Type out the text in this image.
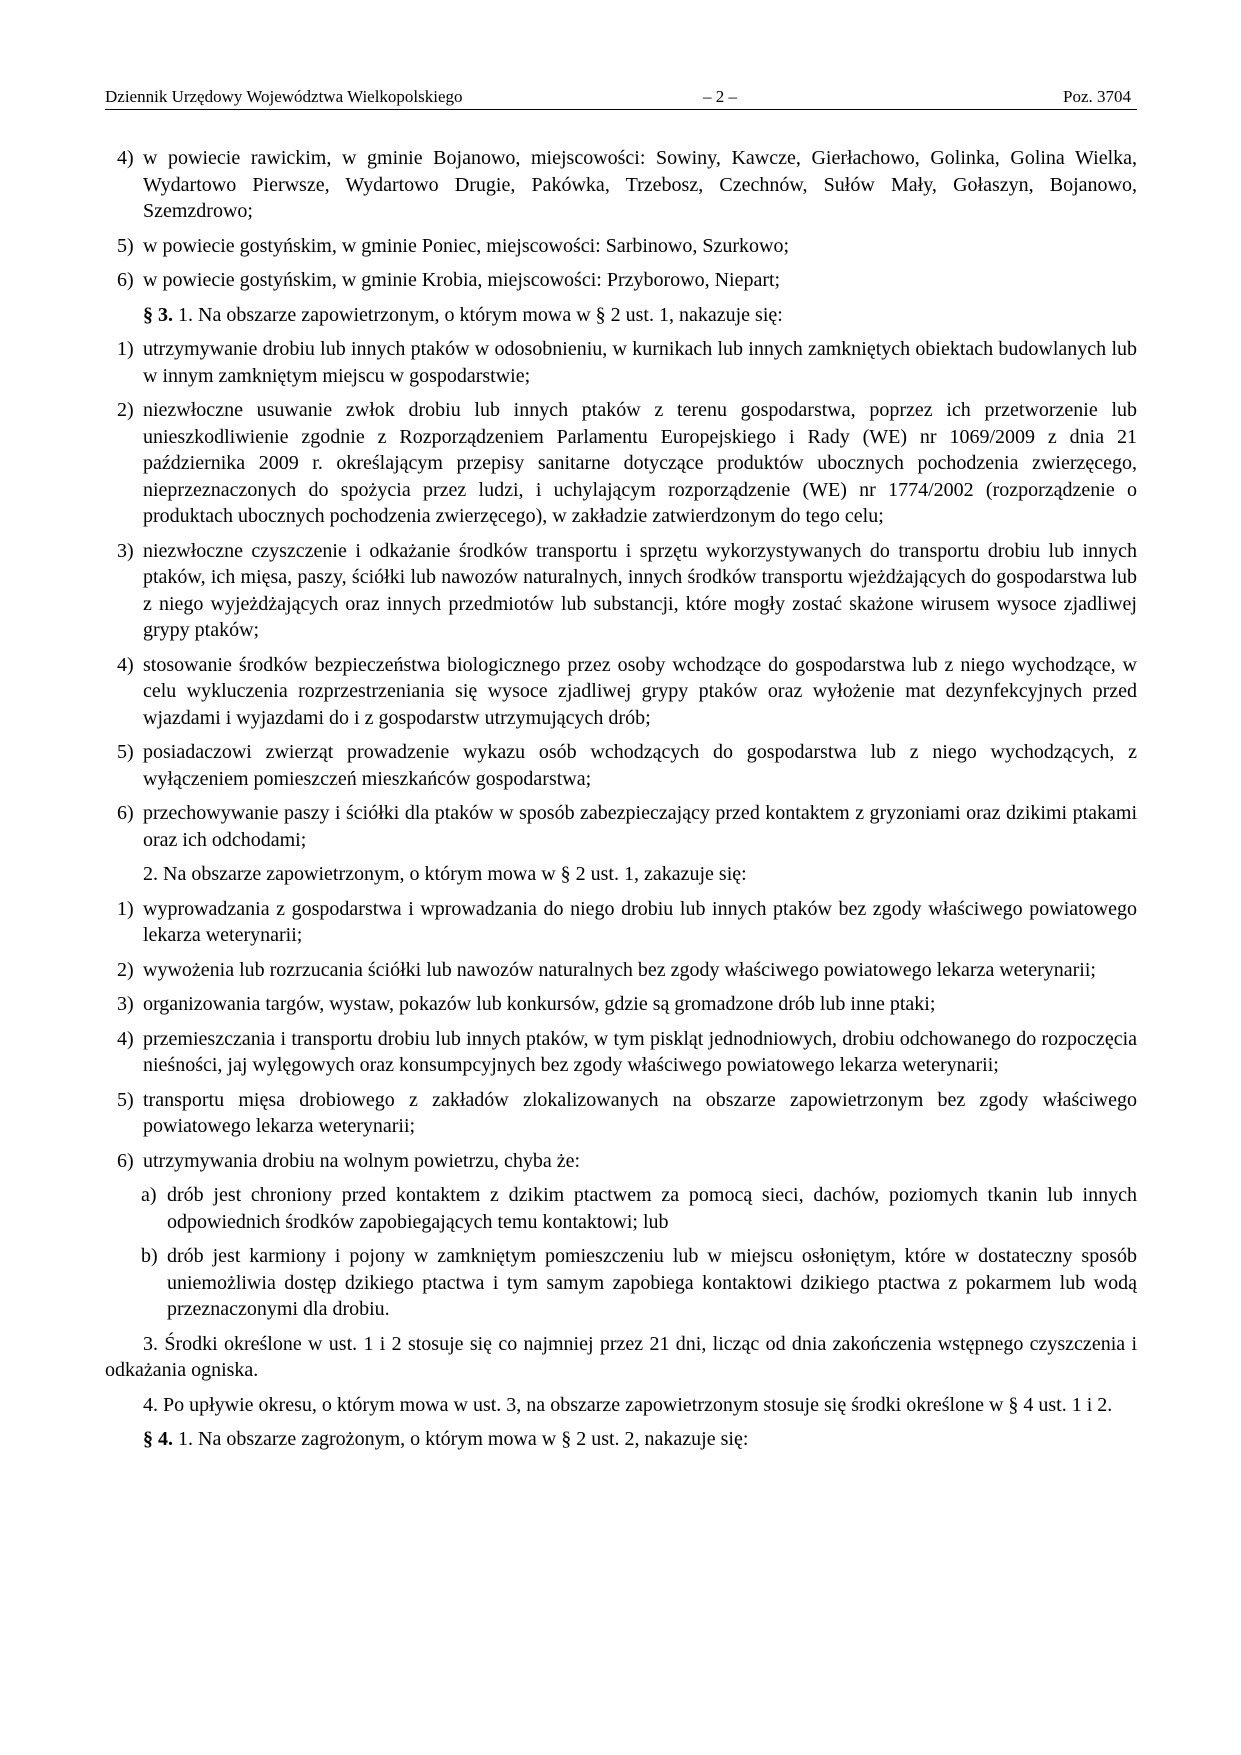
Dziennik Urzędowy Województwa Wielkopolskiego	– 2 –	Poz. 3704
4) w powiecie rawickim, w gminie Bojanowo, miejscowości: Sowiny, Kawcze, Gierłachowo, Golinka, Golina Wielka, Wydartowo Pierwsze, Wydartowo Drugie, Pakówka, Trzebosz, Czechnów, Sułów Mały, Gołaszyn, Bojanowo, Szemzdrowo;
5) w powiecie gostyńskim, w gminie Poniec, miejscowości: Sarbinowo, Szurkowo;
6) w powiecie gostyńskim, w gminie Krobia, miejscowości: Przyborowo, Niepart;
§ 3. 1. Na obszarze zapowietrzonym, o którym mowa w § 2 ust. 1, nakazuje się:
1) utrzymywanie drobiu lub innych ptaków w odosobnieniu, w kurnikach lub innych zamkniętych obiektach budowlanych lub w innym zamkniętym miejscu w gospodarstwie;
2) niezwłoczne usuwanie zwłok drobiu lub innych ptaków z terenu gospodarstwa, poprzez ich przetworzenie lub unieszkodliwienie zgodnie z Rozporządzeniem Parlamentu Europejskiego i Rady (WE) nr 1069/2009 z dnia 21 października 2009 r. określającym przepisy sanitarne dotyczące produktów ubocznych pochodzenia zwierzęcego, nieprzeznaczonych do spożycia przez ludzi, i uchylającym rozporządzenie (WE) nr 1774/2002 (rozporządzenie o produktach ubocznych pochodzenia zwierzęcego), w zakładzie zatwierdzonym do tego celu;
3) niezwłoczne czyszczenie i odkażanie środków transportu i sprzętu wykorzystywanych do transportu drobiu lub innych ptaków, ich mięsa, paszy, ściółki lub nawozów naturalnych, innych środków transportu wjeżdżających do gospodarstwa lub z niego wyjeżdżających oraz innych przedmiotów lub substancji, które mogły zostać skażone wirusem wysoce zjadliwej grypy ptaków;
4) stosowanie środków bezpieczeństwa biologicznego przez osoby wchodzące do gospodarstwa lub z niego wychodzące, w celu wykluczenia rozprzestrzeniania się wysoce zjadliwej grypy ptaków oraz wyłożenie mat dezynfekcyjnych przed wjazdami i wyjazdami do i z gospodarstw utrzymujących drób;
5) posiadaczowi zwierząt prowadzenie wykazu osób wchodzących do gospodarstwa lub z niego wychodzących, z wyłączeniem pomieszczeń mieszkańców gospodarstwa;
6) przechowywanie paszy i ściółki dla ptaków w sposób zabezpieczający przed kontaktem z gryzoniami oraz dzikimi ptakami oraz ich odchodami;
2. Na obszarze zapowietrzonym, o którym mowa w § 2 ust. 1, zakazuje się:
1) wyprowadzania z gospodarstwa i wprowadzania do niego drobiu lub innych ptaków bez zgody właściwego powiatowego lekarza weterynarii;
2) wywożenia lub rozrzucania ściółki lub nawozów naturalnych bez zgody właściwego powiatowego lekarza weterynarii;
3) organizowania targów, wystaw, pokazów lub konkursów, gdzie są gromadzone drób lub inne ptaki;
4) przemieszczania i transportu drobiu lub innych ptaków, w tym piskląt jednodniowych, drobiu odchowanego do rozpoczęcia nieśności, jaj wylęgowych oraz konsumpcyjnych bez zgody właściwego powiatowego lekarza weterynarii;
5) transportu mięsa drobiowego z zakładów zlokalizowanych na obszarze zapowietrzonym bez zgody właściwego powiatowego lekarza weterynarii;
6) utrzymywania drobiu na wolnym powietrzu, chyba że:
a) drób jest chroniony przed kontaktem z dzikim ptactwem za pomocą sieci, dachów, poziomych tkanin lub innych odpowiednich środków zapobiegających temu kontaktowi; lub
b) drób jest karmiony i pojony w zamkniętym pomieszczeniu lub w miejscu osłoniętym, które w dostateczny sposób uniemożliwia dostęp dzikiego ptactwa i tym samym zapobiega kontaktowi dzikiego ptactwa z pokarmem lub wodą przeznaczonymi dla drobiu.
3. Środki określone w ust. 1 i 2 stosuje się co najmniej przez 21 dni, licząc od dnia zakończenia wstępnego czyszczenia i odkażania ogniska.
4. Po upływie okresu, o którym mowa w ust. 3, na obszarze zapowietrzonym stosuje się środki określone w § 4 ust. 1 i 2.
§ 4. 1. Na obszarze zagrożonym, o którym mowa w § 2 ust. 2, nakazuje się:
